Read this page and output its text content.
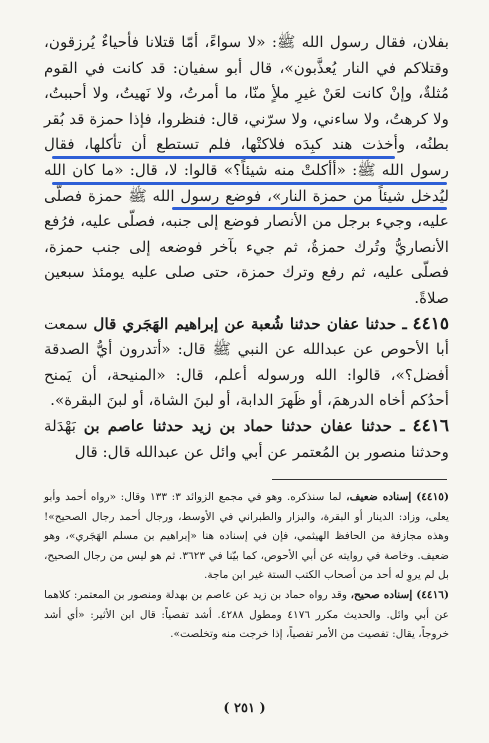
بفلان، فقال رسول الله ﷺ: «لا سواءً، أمّا قتلانا فأحياءٌ يُرزقون، وقتلاكم في النار يُعذَّبون»، قال أبو سفيان: قد كانت في القوم مُثلةٌ، وإنْ كانت لعَنْ غيرِ ملأٍ منّا، ما أمرتُ، ولا نَهيتُ، ولا أحببتُ، ولا كرهتُ، ولا ساءني، ولا سرّني، قال: فنظروا، فإذا حمزة قد بُقر بطنُه، وأخذت هند كبِدَه فلاكتْها، فلم تستطع أن تأكلها، فقال رسول الله ﷺ: «أأكلتْ منه شيئاً؟» قالوا: لا، قال: «ما كان الله ليُدخل شيئاً من حمزة النار»، فوضع رسول الله ﷺ حمزة فصلّى عليه، وجيء برجل من الأنصار فوضع إلى جنبه، فصلّى عليه، فرُفع الأنصاريُّ وتُرك حمزةُ، ثم جيء بآخر فوضعه إلى جنب حمزة، فصلّى عليه، ثم رفع وترك حمزة، حتى صلى عليه يومئذ سبعين صلاةً.

٤٤١٥ ـ حدثنا عفان حدثنا شُعبة عن إبراهيم الهَجَري قال سمعت أبا الأحوص عن عبدالله عن النبي ﷺ قال: «أتدرون أيُّ الصدقة أفضل؟»، قالوا: الله ورسوله أعلم، قال: «المنيحة، أن يَمنح أحدُكم أخاه الدرهمَ، أو ظَهرَ الدابة، أو لبنَ الشاة، أو لبنَ البقرة».

٤٤١٦ ـ حدثنا عفان حدثنا حماد بن زيد حدثنا عاصم بن بَهْدَلة وحدثنا منصور بن المُعتمر عن أبي وائل عن عبدالله قال: قال

(٤٤١٥) إسناده ضعيف، لما سنذكره. وهو في مجمع الزوائد ٣: ١٣٣ وقال: «رواه أحمد وأبو يعلى، وزاد: الدينار أو البقرة، والبزار والطبراني في الأوسط، ورجال أحمد رجال الصحيح»! وهذه مجازفة من الحافظ الهيثمي، فإن في إسناده هنا «إبراهيم بن مسلم الهَجَري»، وهو ضعيف. وخاصة في روايته عن أبي الأحوص، كما بيّنا في ٣٦٢٣. ثم هو ليس من رجال الصحيح، بل لم يروِ له أحد من أصحاب الكتب الستة غير ابن ماجة.

(٤٤١٦) إسناده صحيح، وقد رواه حماد بن زيد عن عاصم بن بهدلة ومنصور بن المعتمر: كلاهما عن أبي وائل. والحديث مكرر ٤١٧٦ ومطول ٤٢٨٨. أشد تفصياً: قال ابن الأثير: «أي أشد خروجاً، يقال: تفصيت من الأمر تفصياً، إذا خرجت منه وتخلصت».

( ٢٥١ )
